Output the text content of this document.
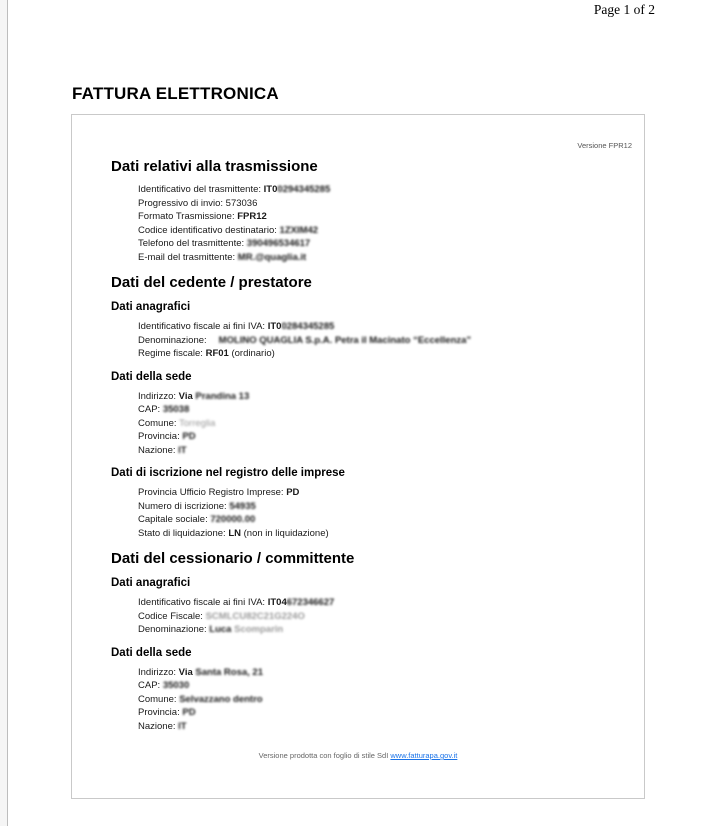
Page 1 of 2
FATTURA ELETTRONICA
Versione FPR12
Dati relativi alla trasmissione
Identificativo del trasmittente: IT00294345285
Progressivo di invio: 573036
Formato Trasmissione: FPR12
Codice identificativo destinatario: 1ZXIM42
Telefono del trasmittente: 390496534617
E-mail del trasmittente: MR.@quaglia.it
Dati del cedente / prestatore
Dati anagrafici
Identificativo fiscale ai fini IVA: IT00284345285
Denominazione: MOLINO QUAGLIA S.p.A. Petra il Macinato “Eccellenza”
Regime fiscale: RF01 (ordinario)
Dati della sede
Indirizzo: Via Prandina 13
CAP: 35038
Comune: Torreglia
Provincia: PD
Nazione: IT
Dati di iscrizione nel registro delle imprese
Provincia Ufficio Registro Imprese: PD
Numero di iscrizione: 54935
Capitale sociale: 720000.00
Stato di liquidazione: LN (non in liquidazione)
Dati del cessionario / committente
Dati anagrafici
Identificativo fiscale ai fini IVA: IT04672346627
Codice Fiscale: SCMLCU82C21G224O
Denominazione: Luca Scomparin
Dati della sede
Indirizzo: Via Santa Rosa, 21
CAP: 35030
Comune: Selvazzano dentro
Provincia: PD
Nazione: IT
Versione prodotta con foglio di stile SdI www.fatturapa.gov.it
